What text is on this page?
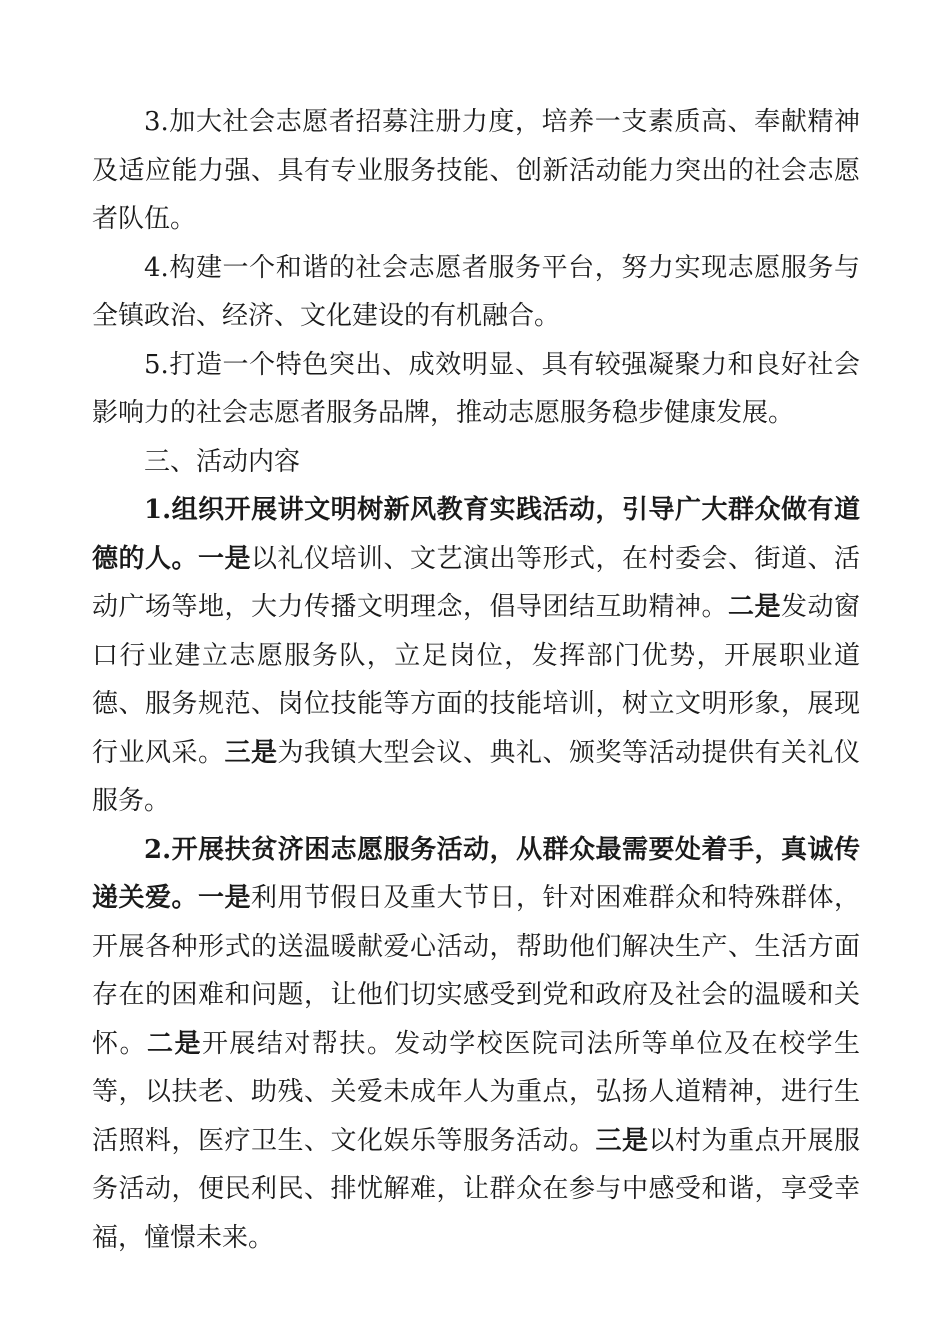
3.加大社会志愿者招募注册力度，培养一支素质高、奉献精神及适应能力强、具有专业服务技能、创新活动能力突出的社会志愿者队伍。

4.构建一个和谐的社会志愿者服务平台，努力实现志愿服务与全镇政治、经济、文化建设的有机融合。

5.打造一个特色突出、成效明显、具有较强凝聚力和良好社会影响力的社会志愿者服务品牌，推动志愿服务稳步健康发展。

三、活动内容

1.组织开展讲文明树新风教育实践活动，引导广大群众做有道德的人。一是以礼仪培训、文艺演出等形式，在村委会、街道、活动广场等地，大力传播文明理念，倡导团结互助精神。二是发动窗口行业建立志愿服务队，立足岗位，发挥部门优势，开展职业道德、服务规范、岗位技能等方面的技能培训，树立文明形象，展现行业风采。三是为我镇大型会议、典礼、颁奖等活动提供有关礼仪服务。

2.开展扶贫济困志愿服务活动，从群众最需要处着手，真诚传递关爱。一是利用节假日及重大节日，针对困难群众和特殊群体，开展各种形式的送温暖献爱心活动，帮助他们解决生产、生活方面存在的困难和问题，让他们切实感受到党和政府及社会的温暖和关怀。二是开展结对帮扶。发动学校医院司法所等单位及在校学生等，以扶老、助残、关爱未成年人为重点，弘扬人道精神，进行生活照料，医疗卫生、文化娱乐等服务活动。三是以村为重点开展服务活动，便民利民、排忧解难，让群众在参与中感受和谐，享受幸福，憧憬未来。
